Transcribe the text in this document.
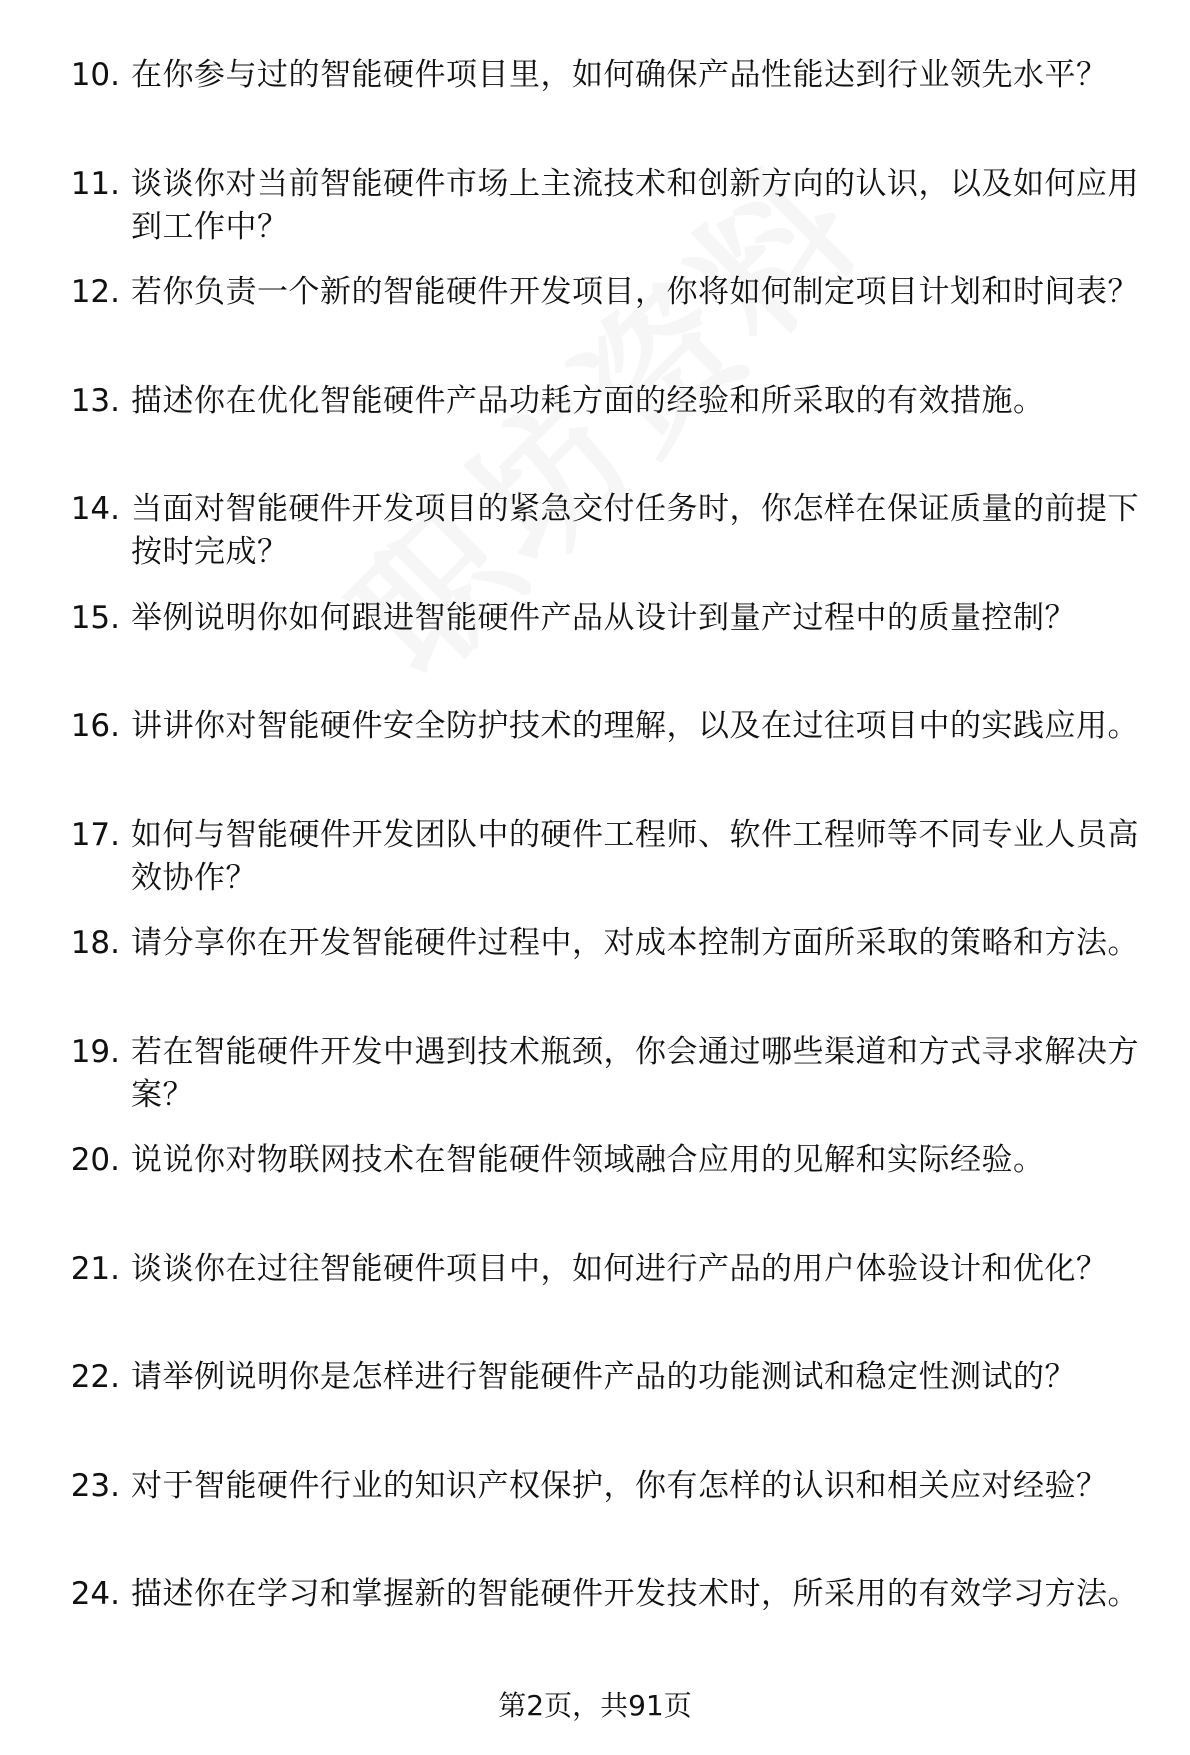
10. 在你参与过的智能硬件项目里，如何确保产品性能达到行业领先水平？
11. 谈谈你对当前智能硬件市场上主流技术和创新方向的认识，以及如何应用到工作中？
12. 若你负责一个新的智能硬件开发项目，你将如何制定项目计划和时间表？
13. 描述你在优化智能硬件产品功耗方面的经验和所采取的有效措施。
14. 当面对智能硬件开发项目的紧急交付任务时，你怎样在保证质量的前提下按时完成？
15. 举例说明你如何跟进智能硬件产品从设计到量产过程中的质量控制？
16. 讲讲你对智能硬件安全防护技术的理解，以及在过往项目中的实践应用。
17. 如何与智能硬件开发团队中的硬件工程师、软件工程师等不同专业人员高效协作？
18. 请分享你在开发智能硬件过程中，对成本控制方面所采取的策略和方法。
19. 若在智能硬件开发中遇到技术瓶颈，你会通过哪些渠道和方式寻求解决方案？
20. 说说你对物联网技术在智能硬件领域融合应用的见解和实际经验。
21. 谈谈你在过往智能硬件项目中，如何进行产品的用户体验设计和优化？
22. 请举例说明你是怎样进行智能硬件产品的功能测试和稳定性测试的？
23. 对于智能硬件行业的知识产权保护，你有怎样的认识和相关应对经验？
24. 描述你在学习和掌握新的智能硬件开发技术时，所采用的有效学习方法。
第2页，共91页
